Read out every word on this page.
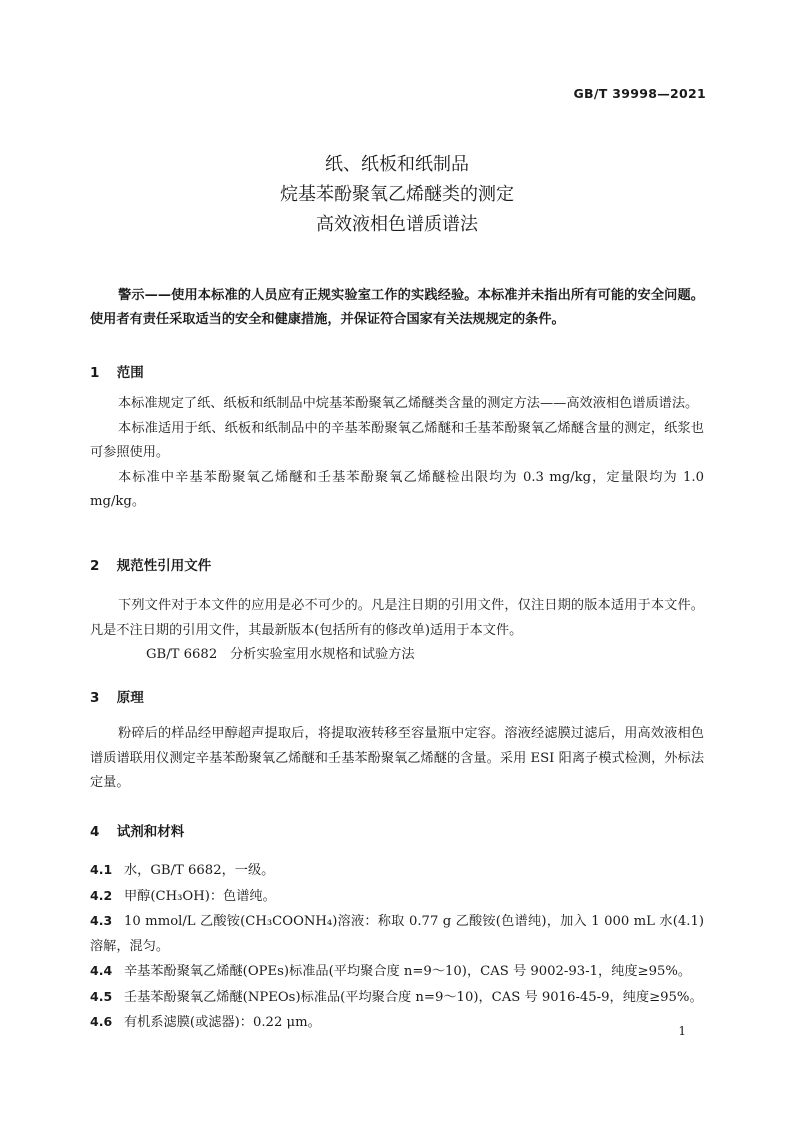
GB/T 39998—2021
纸、纸板和纸制品
烷基苯酚聚氧乙烯醚类的测定
高效液相色谱质谱法
警示——使用本标准的人员应有正规实验室工作的实践经验。本标准并未指出所有可能的安全问题。使用者有责任采取适当的安全和健康措施，并保证符合国家有关法规规定的条件。
1 范围

本标准规定了纸、纸板和纸制品中烷基苯酚聚氧乙烯醚类含量的测定方法——高效液相色谱质谱法。

本标准适用于纸、纸板和纸制品中的辛基苯酚聚氧乙烯醚和壬基苯酚聚氧乙烯醚含量的测定，纸浆也可参照使用。

本标准中辛基苯酚聚氧乙烯醚和壬基苯酚聚氧乙烯醚检出限均为 0.3 mg/kg，定量限均为 1.0 mg/kg。

2 规范性引用文件

下列文件对于本文件的应用是必不可少的。凡是注日期的引用文件，仅注日期的版本适用于本文件。凡是不注日期的引用文件，其最新版本(包括所有的修改单)适用于本文件。

GB/T 6682 分析实验室用水规格和试验方法

3 原理

粉碎后的样品经甲醇超声提取后，将提取液转移至容量瓶中定容。溶液经滤膜过滤后，用高效液相色谱质谱联用仪测定辛基苯酚聚氧乙烯醚和壬基苯酚聚氧乙烯醚的含量。采用 ESI 阳离子模式检测，外标法定量。

4 试剂和材料

4.1 水，GB/T 6682，一级。

4.2 甲醇(CH₃OH)：色谱纯。

4.3 10 mmol/L 乙酸铵(CH₃COONH₄)溶液：称取 0.77 g 乙酸铵(色谱纯)，加入 1 000 mL 水(4.1)溶解，混匀。

4.4 辛基苯酚聚氧乙烯醚(OPEs)标准品(平均聚合度 n=9～10)，CAS 号 9002-93-1，纯度≥95%。

4.5 壬基苯酚聚氧乙烯醚(NPEOs)标准品(平均聚合度 n=9～10)，CAS 号 9016-45-9，纯度≥95%。

4.6 有机系滤膜(或滤器)：0.22 μm。

1
